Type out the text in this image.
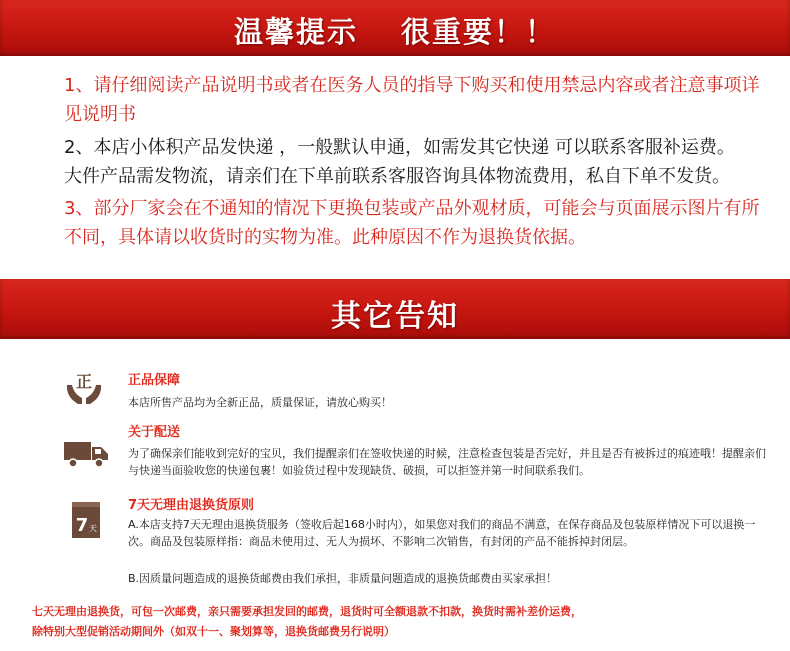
温馨提示　 很重要！！
1、请仔细阅读产品说明书或者在医务人员的指导下购买和使用禁忌内容或者注意事项详见说明书
2、本店小体积产品发快递 ，一般默认申通，如需发其它快递 可以联系客服补运费。
大件产品需发物流，请亲们在下单前联系客服咨询具体物流费用，私自下单不发货。
3、部分厂家会在不通知的情况下更换包装或产品外观材质，可能会与页面展示图片有所不同，具体请以收货时的实物为准。此种原因不作为退换货依据。
其它告知
正	正品保障
本店所售产品均为全新正品，质量保证，请放心购买！
关于配送
为了确保亲们能收到完好的宝贝，我们提醒亲们在签收快递的时候，注意检查包装是否完好，并且是否有被拆过的痕迹哦！提醒亲们与快递当面验收您的快递包裹！如验货过程中发现缺货、破损，可以拒签并第一时间联系我们。
7 天
7天无理由退换货原则
A.本店支持7天无理由退换货服务（签收后起168小时内），如果您对我们的商品不满意，在保存商品及包装原样情况下可以退换一次。商品及包装原样指：商品未使用过、无人为损坏、不影响二次销售，有封闭的产品不能拆掉封闭层。
B.因质量问题造成的退换货邮费由我们承担，非质量问题造成的退换货邮费由买家承担！
七天无理由退换货，可包一次邮费，亲只需要承担发回的邮费，退货时可全额退款不扣款，换货时需补差价运费，
除特别大型促销活动期间外（如双十一、聚划算等，退换货邮费另行说明）
